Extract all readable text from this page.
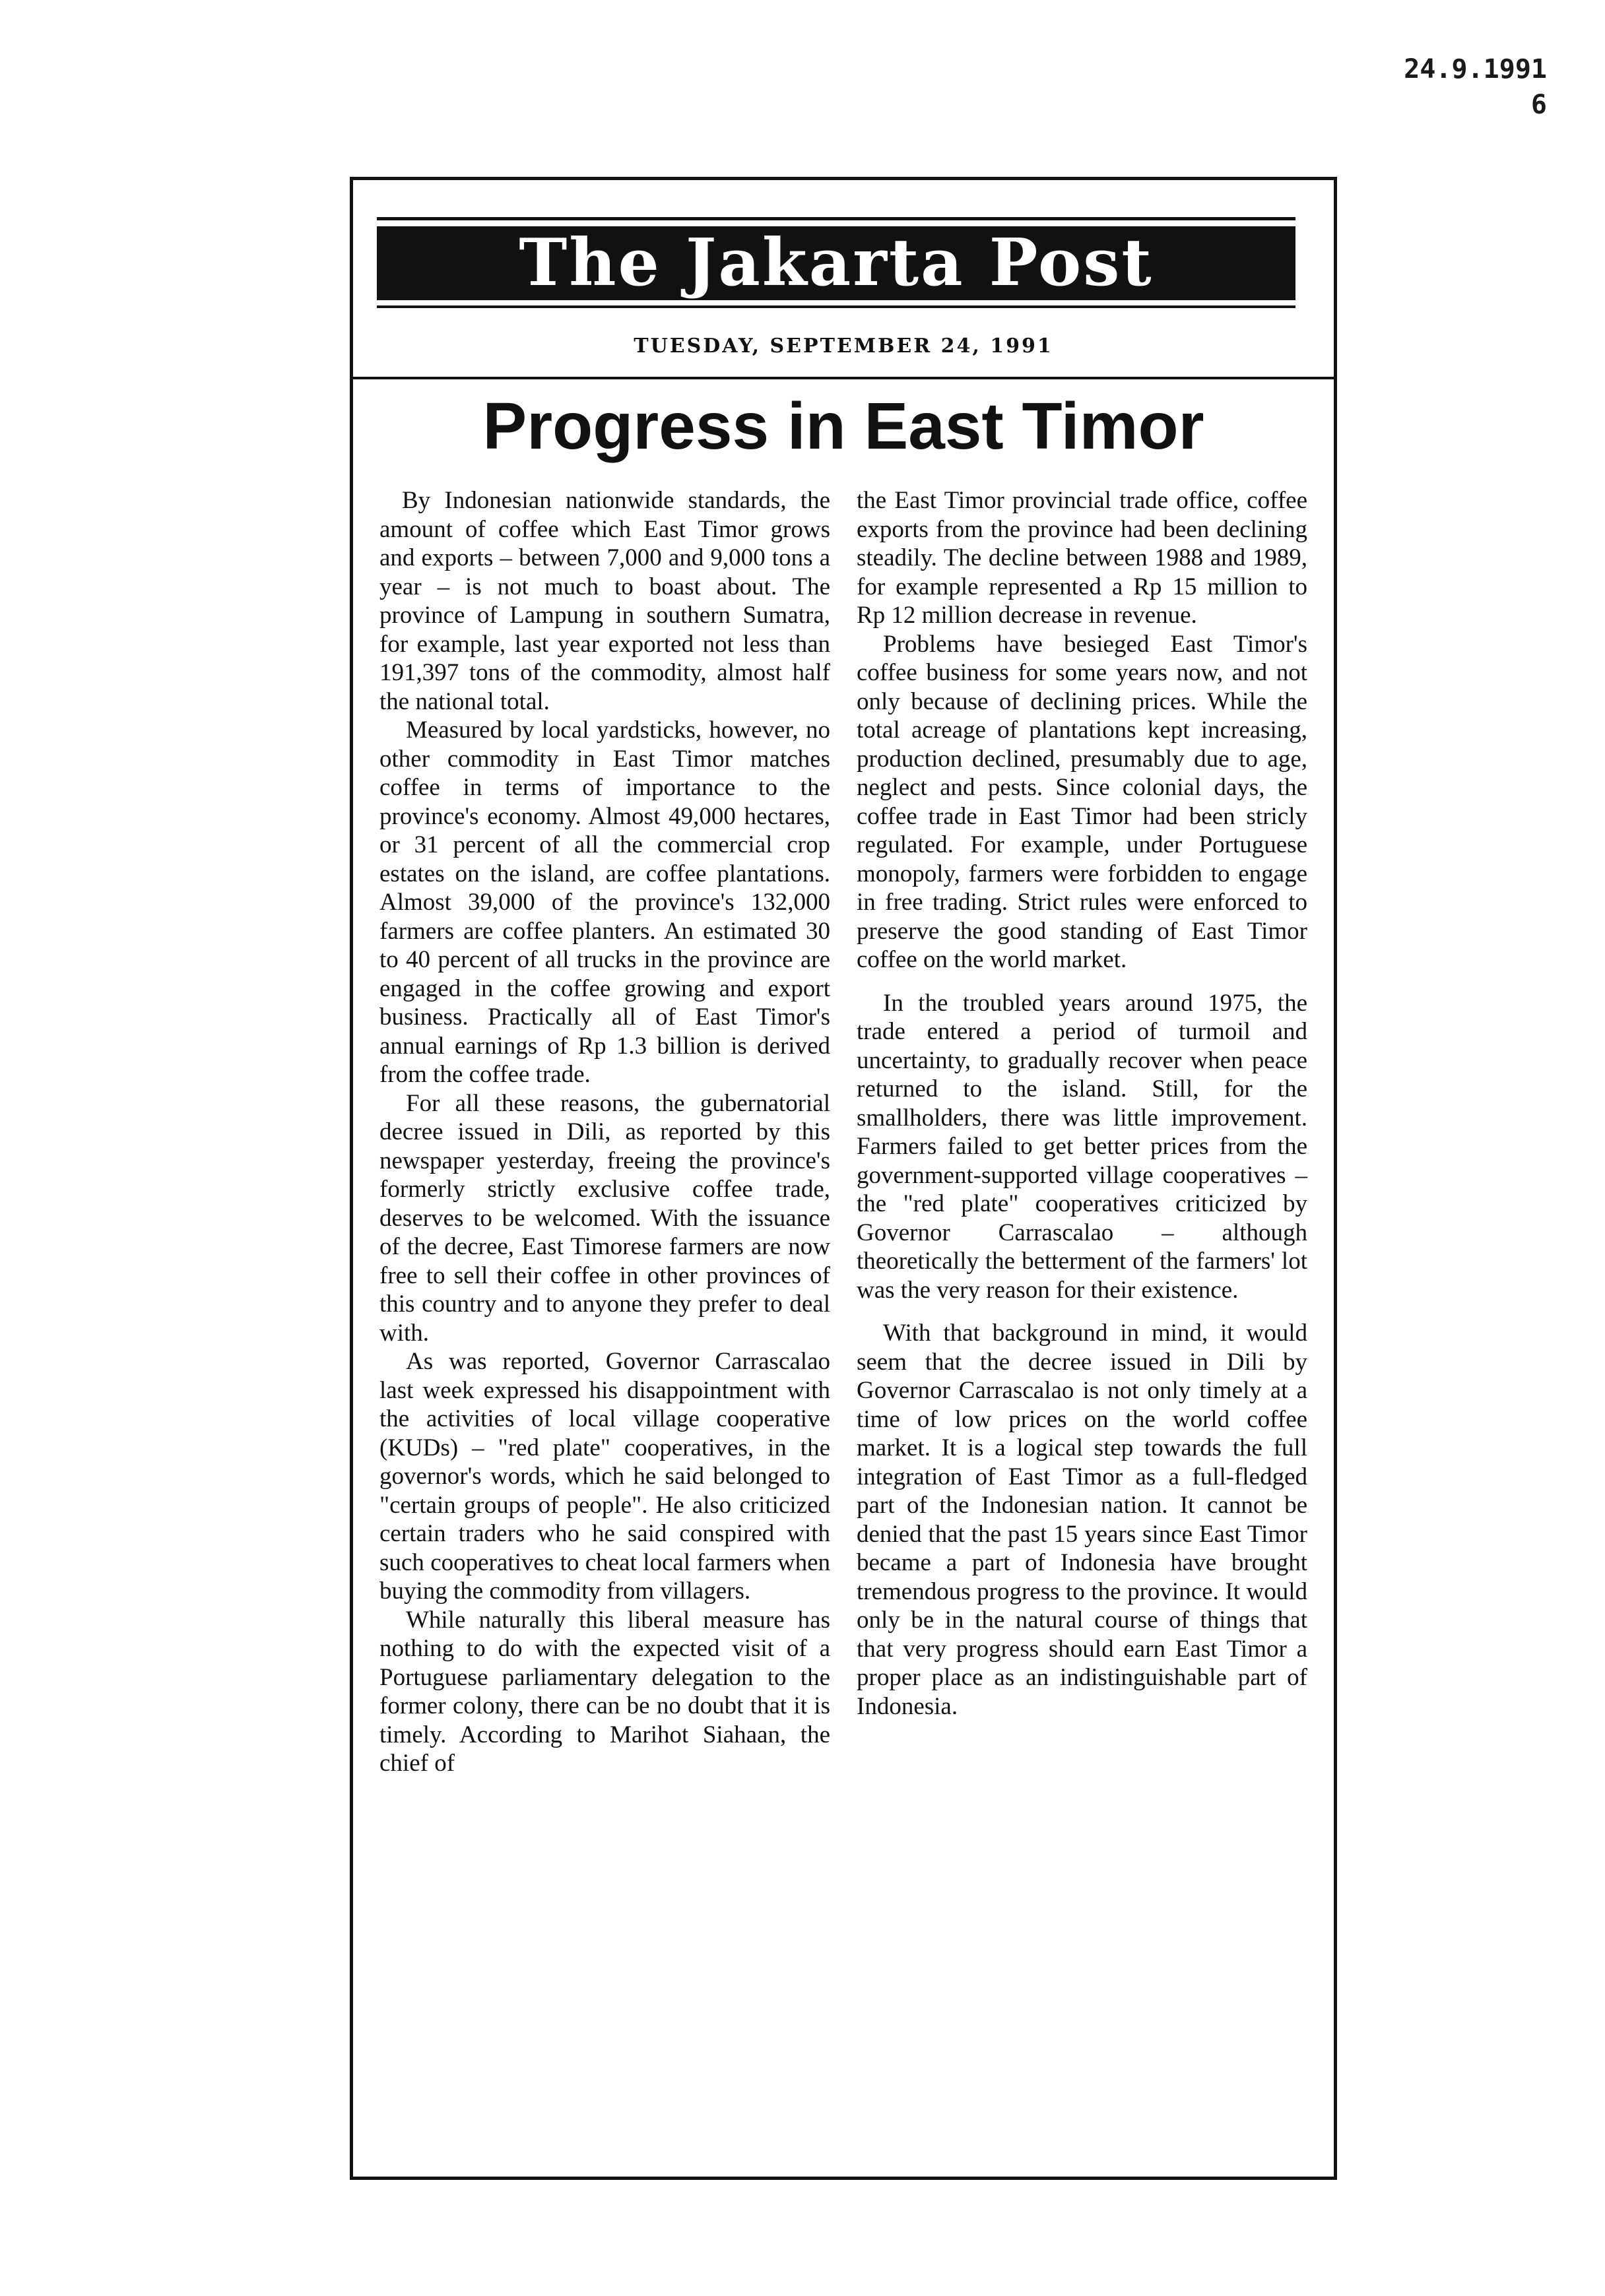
24.9.1991
6
The Jakarta Post
TUESDAY, SEPTEMBER 24, 1991
Progress in East Timor

By Indonesian nationwide standards, the amount of coffee which East Timor grows and exports – between 7,000 and 9,000 tons a year – is not much to boast about. The province of Lampung in southern Sumatra, for example, last year exported not less than 191,397 tons of the commodity, almost half the national total.

Measured by local yardsticks, however, no other commodity in East Timor matches coffee in terms of importance to the province's economy. Almost 49,000 hectares, or 31 percent of all the commercial crop estates on the island, are coffee plantations. Almost 39,000 of the province's 132,000 farmers are coffee planters. An estimated 30 to 40 percent of all trucks in the province are engaged in the coffee growing and export business. Practically all of East Timor's annual earnings of Rp 1.3 billion is derived from the coffee trade.

For all these reasons, the gubernatorial decree issued in Dili, as reported by this newspaper yesterday, freeing the province's formerly strictly exclusive coffee trade, deserves to be welcomed. With the issuance of the decree, East Timorese farmers are now free to sell their coffee in other provinces of this country and to anyone they prefer to deal with.

As was reported, Governor Carrascalao last week expressed his disappointment with the activities of local village cooperative (KUDs) – "red plate" cooperatives, in the governor's words, which he said belonged to "certain groups of people". He also criticized certain traders who he said conspired with such cooperatives to cheat local farmers when buying the commodity from villagers.

While naturally this liberal measure has nothing to do with the expected visit of a Portuguese parliamentary delegation to the former colony, there can be no doubt that it is timely. According to Marihot Siahaan, the chief of

the East Timor provincial trade office, coffee exports from the province had been declining steadily. The decline between 1988 and 1989, for example represented a Rp 15 million to Rp 12 million decrease in revenue.

Problems have besieged East Timor's coffee business for some years now, and not only because of declining prices. While the total acreage of plantations kept increasing, production declined, presumably due to age, neglect and pests. Since colonial days, the coffee trade in East Timor had been stricly regulated. For example, under Portuguese monopoly, farmers were forbidden to engage in free trading. Strict rules were enforced to preserve the good standing of East Timor coffee on the world market.

In the troubled years around 1975, the trade entered a period of turmoil and uncertainty, to gradually recover when peace returned to the island. Still, for the smallholders, there was little improvement. Farmers failed to get better prices from the government-supported village cooperatives – the "red plate" cooperatives criticized by Governor Carrascalao – although theoretically the betterment of the farmers' lot was the very reason for their existence.

With that background in mind, it would seem that the decree issued in Dili by Governor Carrascalao is not only timely at a time of low prices on the world coffee market. It is a logical step towards the full integration of East Timor as a full-fledged part of the Indonesian nation. It cannot be denied that the past 15 years since East Timor became a part of Indonesia have brought tremendous progress to the province. It would only be in the natural course of things that that very progress should earn East Timor a proper place as an indistinguishable part of Indonesia.
